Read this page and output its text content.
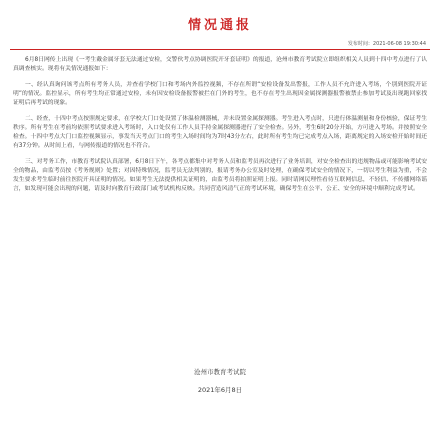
情况通报
发布时间：2021-06-08 19:30:44

6月8日网传上出现《一考生戴金属牙套无法通过安检，交警伙考点协调医院开牙套证明》的报道，沧州市教育考试院立即组织相关人员到十四中考点进行了认真调查核实。现将有关情况通报如下：

一、经认真询问该考点所有考务人员，并查看学校门口和考场内外监控视频，不存在所谓“安检设备发出警报，工作人员不允许进入考场，个别到医院开证明”的情况。监控显示，所有考生均正常通过安检，未有因安检设备报警被拦在门外的考生，也不存在考生出现因金属探测器报警被禁止参加考试及出现跑回家找证明后再考试的现象。

二、经查，十四中考点按照规定要求，在学校大门口处设置了体温检测器械，并未设置金属探测器。考生进入考点时，只进行体温测量和身份核验，保证考生秩序。所有考生在考前均依照考试要求进入考场时，入口处仅有工作人员手持金属探测器进行了安全检查。另外，考生6时20分开始，方可进入考场。并按照安全检查。十四中考点大门口监控视频显示，事发当天考点门口的考生入场时间均为7时43分左右，此时所有考生均已完成考点入场，距离规定的入场安检开始时间还有37分钟。从时间上看，与网传报道的情况也不符合。

三、对考务工作，市教育考试院认真部署，6月8日下午，各考点都集中对考务人员和监考员再次进行了业务培训，对安全检查出的违规物品或可能影响考试安全的物品，由监考员按《考务规则》处置；对因特殊情况，监考员无法判别的，报请考务办公室及时处理，在确保考试安全的情况下，一切以考生利益为重，不会发生要求考生临时前往医院开具证明的情况。如果考生无法提供相关证明的，由监考员将拍照证明上报。同时请网民理性看待互联网信息，不轻信、不传播网络谣言，如发现可能会出现的问题，请及时向教育行政部门或考试机构反映。共同营造风清气正的考试环境，确保考生在公平、公正、安全的环境中顺利完成考试。

沧州市教育考试院
2021年6月8日
